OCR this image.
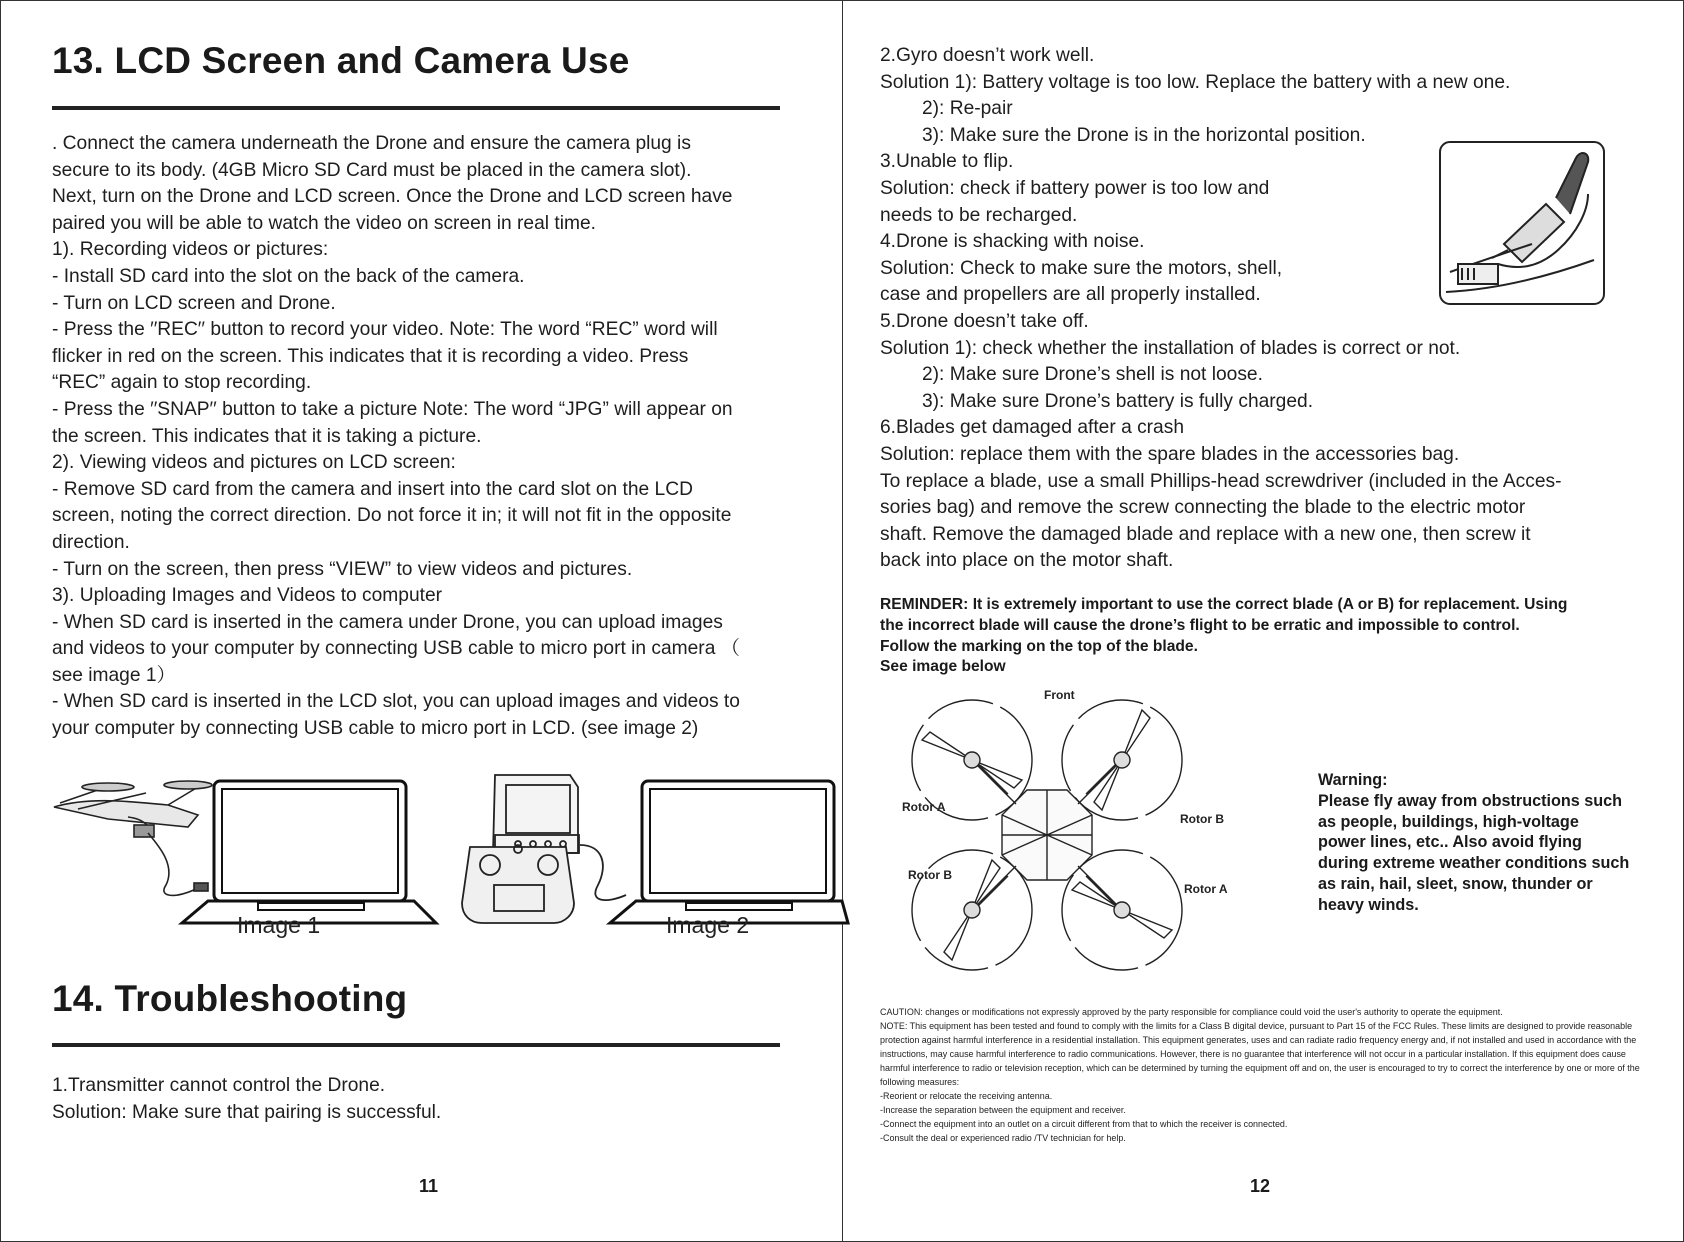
13. LCD Screen and Camera Use

. Connect the camera underneath the Drone and ensure the camera plug is

secure to its body. (4GB Micro SD Card must be placed in the camera slot).

Next, turn on the Drone and LCD screen. Once the Drone and LCD screen have

paired you will be able to watch the video on screen in real time.

1). Recording videos or pictures:

- Install SD card into the slot on the back of the camera.

- Turn on LCD screen and Drone.

- Press the ′′REC′′ button to record your video. Note: The word “REC” word will

flicker in red on the screen. This indicates that it is recording a video. Press

“REC” again to stop recording.

- Press the ′′SNAP′′ button to take a picture Note: The word “JPG” will appear on

the screen. This indicates that it is taking a picture.

2). Viewing videos and pictures on LCD screen:

- Remove SD card from the camera and insert into the card slot on the LCD

screen, noting the correct direction. Do not force it in; it will not fit in the opposite

direction.

- Turn on the screen, then press “VIEW” to view videos and pictures.

3). Uploading Images and Videos to computer

- When SD card is inserted in the camera under Drone, you can upload images

and videos to your computer by connecting USB cable to micro port in camera （

see image 1）

- When SD card is inserted in the LCD slot, you can upload images and videos to

your computer by connecting USB cable to micro port in LCD. (see image 2)

Image 1	Image 2
14. Troubleshooting

1.Transmitter cannot control the Drone.

Solution: Make sure that pairing is successful.

11

2.Gyro doesn’t work well.

Solution 1): Battery voltage is too low. Replace the battery with a new one.

2): Re-pair

3): Make sure the Drone is in the horizontal position.

3.Unable to flip.

Solution: check if battery power is too low and

needs to be recharged.

4.Drone is shacking with noise.

Solution: Check to make sure the motors, shell,

case and propellers are all properly installed.

5.Drone doesn’t take off.

Solution 1): check whether the installation of blades is correct or not.

2): Make sure Drone’s shell is not loose.

3): Make sure Drone’s battery is fully charged.

6.Blades get damaged after a crash

Solution: replace them with the spare blades in the accessories bag.

To replace a blade, use a small Phillips-head screwdriver (included in the Acces-

sories bag) and remove the screw connecting the blade to the electric motor

shaft. Remove the damaged blade and replace with a new one, then screw it

back into place on the motor shaft.

REMINDER: It is extremely important to use the correct blade (A or B) for replacement. Using

the incorrect blade will cause the drone’s flight to be erratic and impossible to control.

Follow the marking on the top of the blade.

See image below

Front
Rotor A
Rotor B
Rotor B
Rotor A

Warning:

Please fly away from obstructions such

as people, buildings, high-voltage

power lines, etc.. Also avoid flying

during extreme weather conditions such

as rain, hail, sleet, snow, thunder or

heavy winds.

CAUTION: changes or modifications not expressly approved by the party responsible for compliance could void the user's authority to operate the equipment.

NOTE: This equipment has been tested and found to comply with the limits for a Class B digital device, pursuant to Part 15 of the FCC Rules. These limits are designed to provide reasonable

protection against harmful interference in a residential installation. This equipment generates, uses and can radiate radio frequency energy and, if not installed and used in accordance with the

instructions, may cause harmful interference to radio communications. However, there is no guarantee that interference will not occur in a particular installation. If this equipment does cause

harmful interference to radio or television reception, which can be determined by turning the equipment off and on, the user is encouraged to try to correct the interference by one or more of the

following measures:

-Reorient or relocate the receiving antenna.

-Increase the separation between the equipment and receiver.

-Connect the equipment into an outlet on a circuit different from that to which the receiver is connected.

-Consult the deal or experienced radio /TV technician for help.

12
